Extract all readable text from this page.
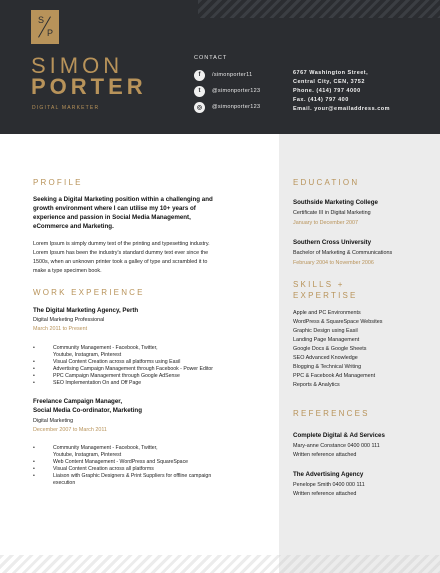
S
P
SIMON
PORTER
DIGITAL MARKETER
CONTACT
f	/simonporter11
t	@simonporter123
◎	@simonporter123
6767 Washington Street,
Central City, CEN, 3752
Phone. (414) 797 4000
Fax. (414) 797 400
Email. your@emailaddress.com
PROFILE
Seeking a Digital Marketing position within a challenging and
growth environment where I can utilise my 10+ years of
experience and passion in Social Media Management,
eCommerce and Marketing.
Lorem Ipsum is simply dummy text of the printing and typesetting industry.
Lorem Ipsum has been the industry's standard dummy text ever since the
1500s, when an unknown printer took a galley of type and scrambled it to
make a type specimen book.
WORK EXPERIENCE
The Digital Marketing Agency, Perth
Digital Marketing Professional
March 2011 to Present
• Community Management - Facebook, Twitter,
Youtube, Instagram, Pinterest
• Visual Content Creation across all platforms using Easil
• Advertising Campaign Management through Facebook - Power Editor
• PPC Campaign Management through Google AdSense
• SEO Implementation On and Off Page
Freelance Campaign Manager,
Social Media Co-ordinator, Marketing
Digital Marketing
December 2007 to March 2011
• Community Management - Facebook, Twitter,
Youtube, Instagram, Pinterest
• Web Content Management - WordPress and SquareSpace
• Visual Content Creation across all platforms
• Liaison with Graphic Designers & Print Suppliers for offline campaign
execution
EDUCATION
Southside Marketing College
Certificate III in Digital Marketing
January to December 2007
Southern Cross University
Bachelor of Marketing & Communications
February 2004 to November 2006
SKILLS +
EXPERTISE
Apple and PC Environments
WordPress & SquareSpace Websites
Graphic Design using Easil
Landing Page Management
Google Docs & Google Sheets
SEO Advanced Knowledge
Blogging & Technical Writing
PPC & Facebook Ad Management
Reports & Analytics
REFERENCES
Complete Digital & Ad Services
Mary-anne Constance 0400 000 111
Written reference attached
The Advertising Agency
Penelope Smith 0400 000 111
Written reference attached
